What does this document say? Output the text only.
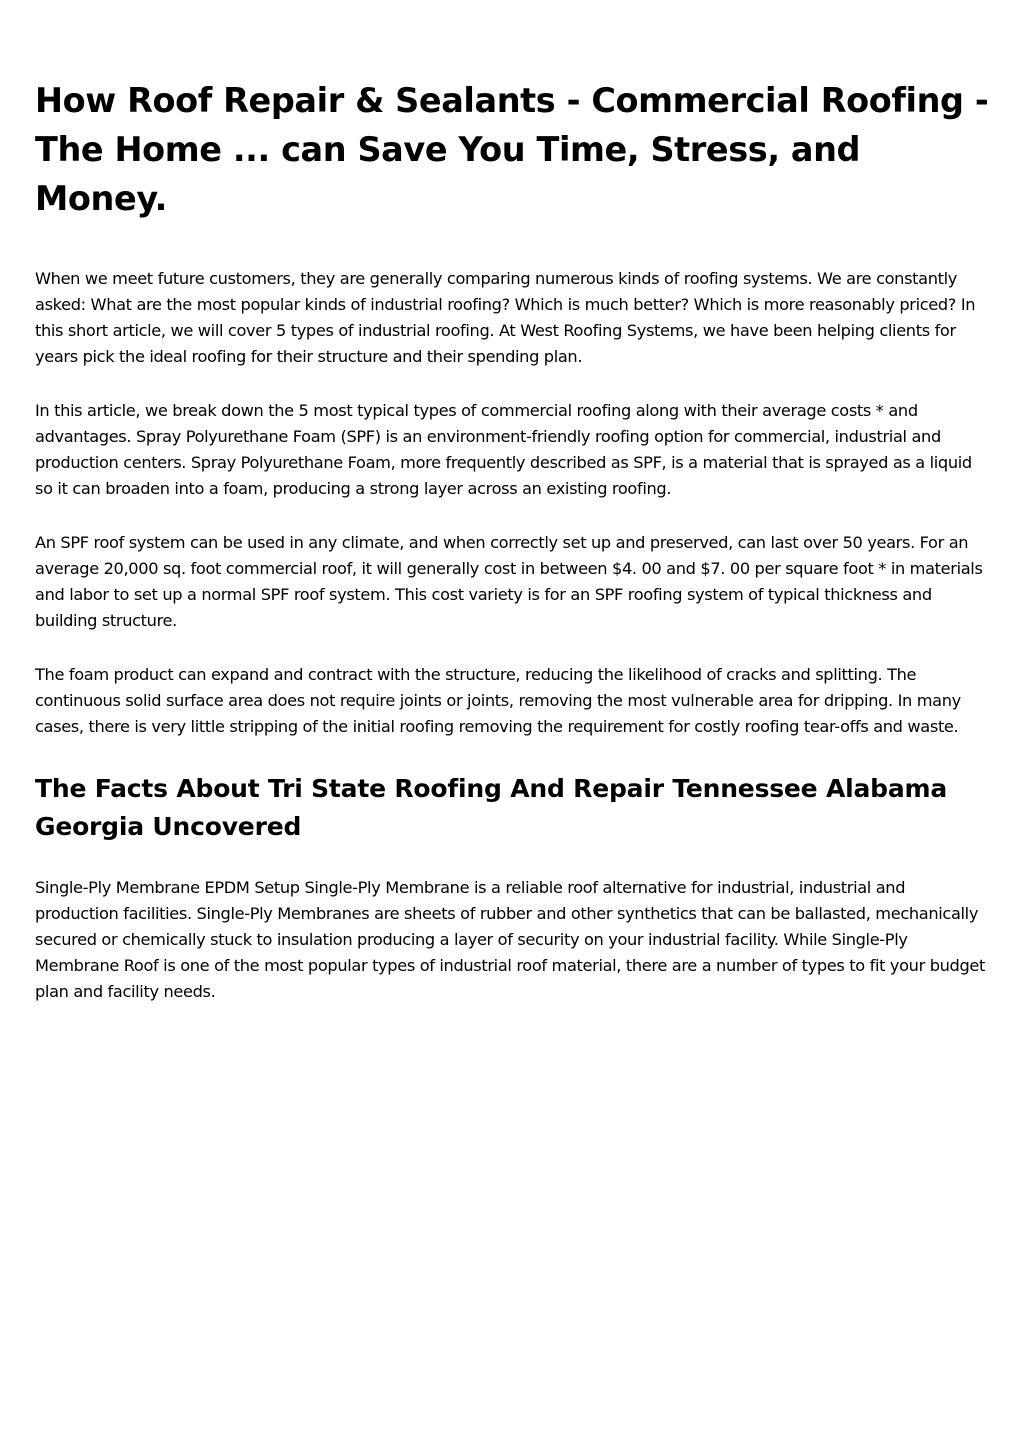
How Roof Repair & Sealants - Commercial Roofing - The Home ... can Save You Time, Stress, and Money.

When we meet future customers, they are generally comparing numerous kinds of roofing systems. We are constantly asked: What are the most popular kinds of industrial roofing? Which is much better? Which is more reasonably priced? In this short article, we will cover 5 types of industrial roofing. At West Roofing Systems, we have been helping clients for years pick the ideal roofing for their structure and their spending plan.

In this article, we break down the 5 most typical types of commercial roofing along with their average costs * and advantages. Spray Polyurethane Foam (SPF) is an environment-friendly roofing option for commercial, industrial and production centers. Spray Polyurethane Foam, more frequently described as SPF, is a material that is sprayed as a liquid so it can broaden into a foam, producing a strong layer across an existing roofing.

An SPF roof system can be used in any climate, and when correctly set up and preserved, can last over 50 years. For an average 20,000 sq. foot commercial roof, it will generally cost in between $4. 00 and $7. 00 per square foot * in materials and labor to set up a normal SPF roof system. This cost variety is for an SPF roofing system of typical thickness and building structure.

The foam product can expand and contract with the structure, reducing the likelihood of cracks and splitting. The continuous solid surface area does not require joints or joints, removing the most vulnerable area for dripping. In many cases, there is very little stripping of the initial roofing removing the requirement for costly roofing tear-offs and waste.

The Facts About Tri State Roofing And Repair Tennessee Alabama Georgia Uncovered

Single-Ply Membrane EPDM Setup Single-Ply Membrane is a reliable roof alternative for industrial, industrial and production facilities. Single-Ply Membranes are sheets of rubber and other synthetics that can be ballasted, mechanically secured or chemically stuck to insulation producing a layer of security on your industrial facility. While Single-Ply Membrane Roof is one of the most popular types of industrial roof material, there are a number of types to fit your budget plan and facility needs.
